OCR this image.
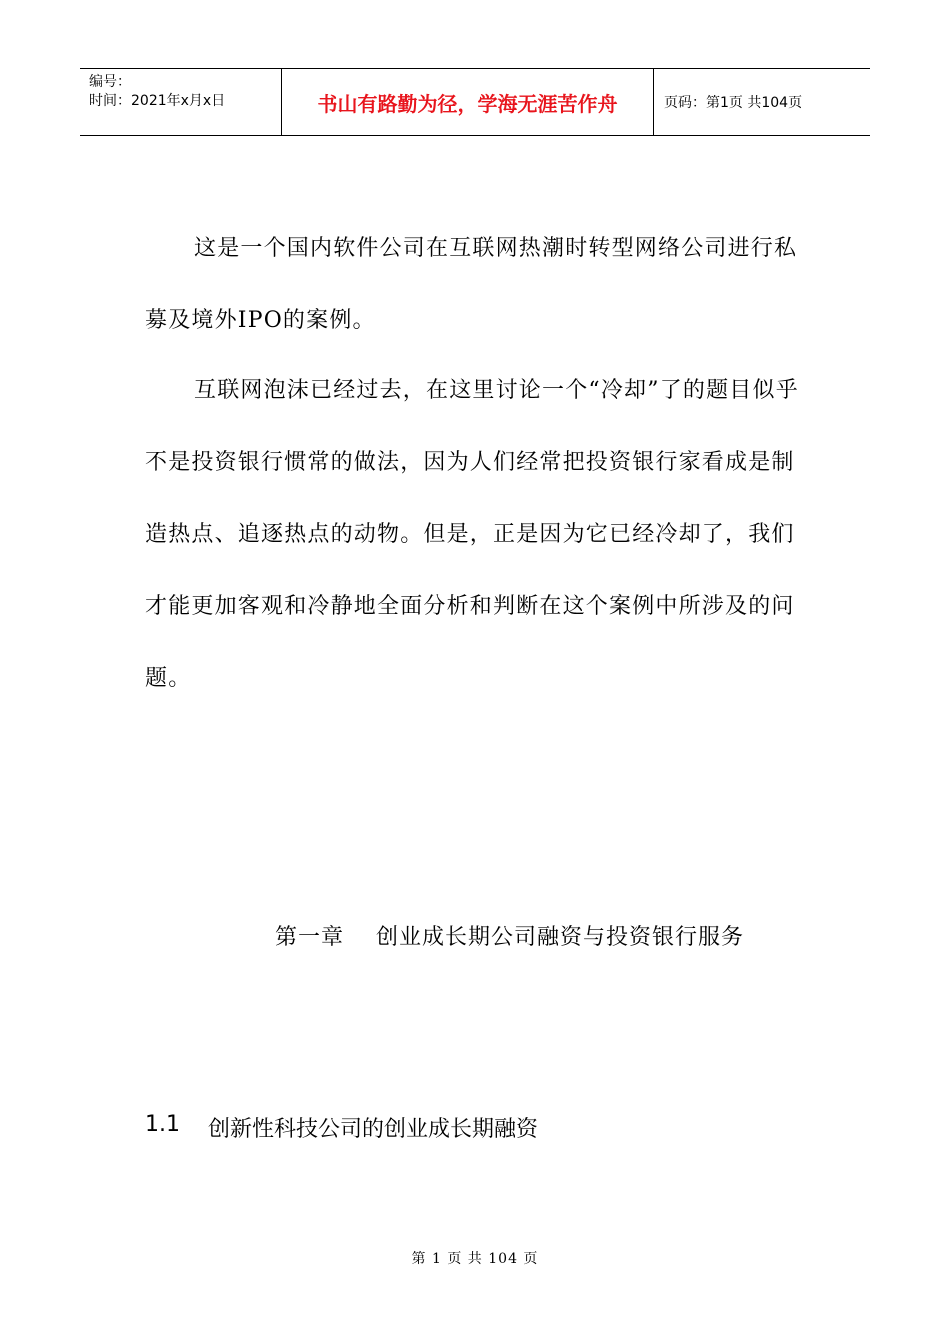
编号：
时间：2021年x月x日	书山有路勤为径，学海无涯苦作舟	页码：第1页 共104页

这是一个国内软件公司在互联网热潮时转型网络公司进行私募及境外IPO的案例。

互联网泡沫已经过去，在这里讨论一个“冷却”了的题目似乎不是投资银行惯常的做法，因为人们经常把投资银行家看成是制造热点、追逐热点的动物。但是，正是因为它已经冷却了，我们才能更加客观和冷静地全面分析和判断在这个案例中所涉及的问题。

第一章    创业成长期公司融资与投资银行服务
1.1 创新性科技公司的创业成长期融资
第 1 页 共 104 页
